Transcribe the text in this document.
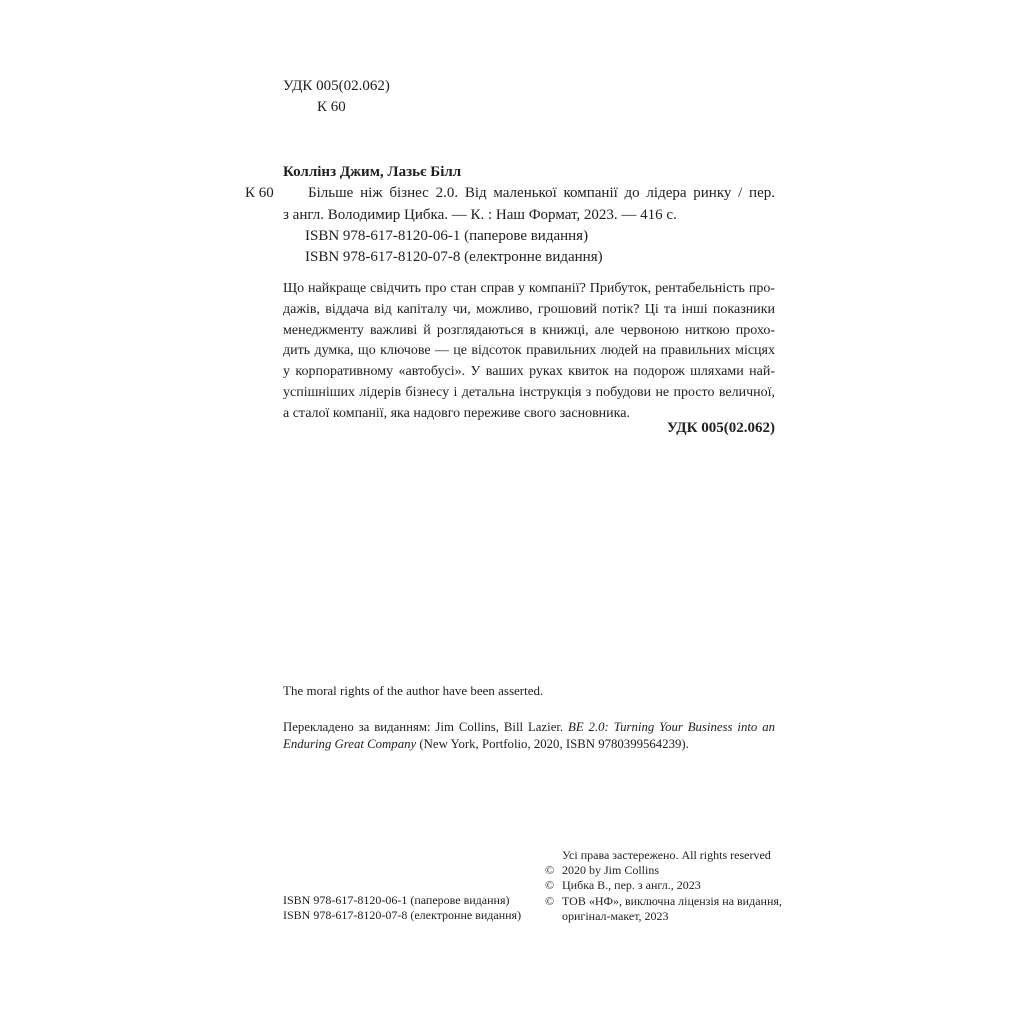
УДК 005(02.062)
К 60
Коллінз Джим, Лазьє Білл
К 60 Більше ніж бізнес 2.0. Від маленької компанії до лідера ринку / пер.
з англ. Володимир Цибка. — К. : Наш Формат, 2023. — 416 с.
ISBN 978-617-8120-06-1 (паперове видання)
ISBN 978-617-8120-07-8 (електронне видання)
Що найкраще свідчить про стан справ у компанії? Прибуток, рентабельність про-
дажів, віддача від капіталу чи, можливо, грошовий потік? Ці та інші показники
менеджменту важливі й розглядаються в книжці, але червоною ниткою прохо-
дить думка, що ключове — це відсоток правильних людей на правильних місцях
у корпоративному «автобусі». У ваших руках квиток на подорож шляхами най-
успішніших лідерів бізнесу і детальна інструкція з побудови не просто величної,
а сталої компанії, яка надовго переживе свого засновника.
УДК 005(02.062)
The moral rights of the author have been asserted.
Перекладено за виданням: Jim Collins, Bill Lazier. BE 2.0: Turning Your Business into an
Enduring Great Company (New York, Portfolio, 2020, ISBN 9780399564239).
ISBN 978-617-8120-06-1 (паперове видання)
ISBN 978-617-8120-07-8 (електронне видання)
Усі права застережено. All rights reserved
© 2020 by Jim Collins
© Цибка В., пер. з англ., 2023
© ТОВ «НФ», виключна ліцензія на видання,
оригінал-макет, 2023
